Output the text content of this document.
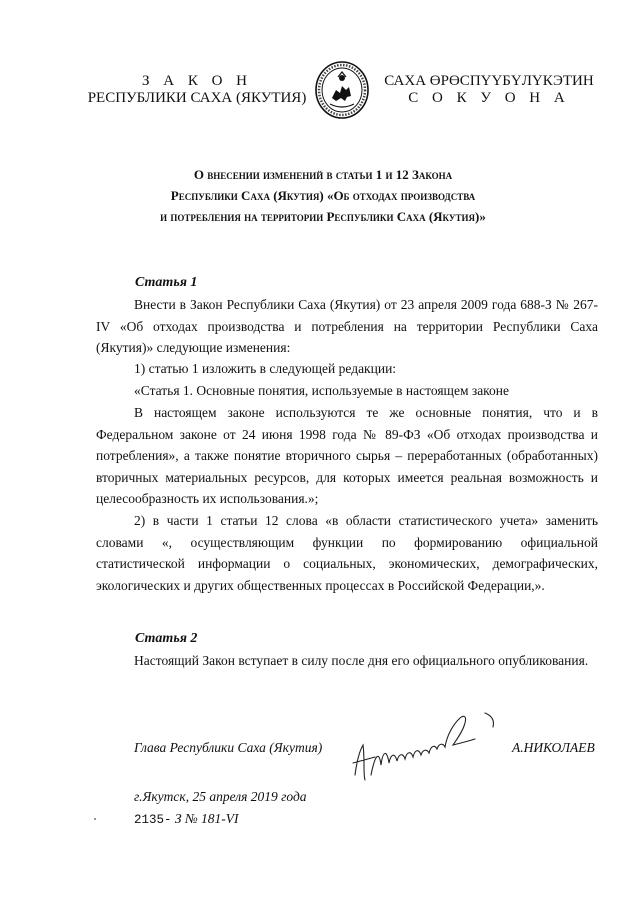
З А К О Н
РЕСПУБЛИКИ САХА (ЯКУТИЯ)
САХА ӨРӨСПҮҮБҮЛҮКЭТИН
С О К У О Н А
О внесении изменений в статьи 1 и 12 Закона
Республики Саха (Якутия) «Об отходах производства
и потребления на территории Республики Саха (Якутия)»
Статья 1
Внести в Закон Республики Саха (Якутия) от 23 апреля 2009 года 688-З № 267-IV «Об отходах производства и потребления на территории Республики Саха (Якутия)» следующие изменения:
1) статью 1 изложить в следующей редакции:
«Статья 1. Основные понятия, используемые в настоящем законе
В настоящем законе используются те же основные понятия, что и в Федеральном законе от 24 июня 1998 года № 89-ФЗ «Об отходах производства и потребления», а также понятие вторичного сырья – переработанных (обработанных) вторичных материальных ресурсов, для которых имеется реальная возможность и целесообразность их использования.»;
2) в части 1 статьи 12 слова «в области статистического учета» заменить словами «, осуществляющим функции по формированию официальной статистической информации о социальных, экономических, демографических, экологических и других общественных процессах в Российской Федерации,».
Статья 2
Настоящий Закон вступает в силу после дня его официального опубликования.
Глава Республики Саха (Якутия)	А.НИКОЛАЕВ
г.Якутск, 25 апреля 2019 года
2135- З № 181-VI
